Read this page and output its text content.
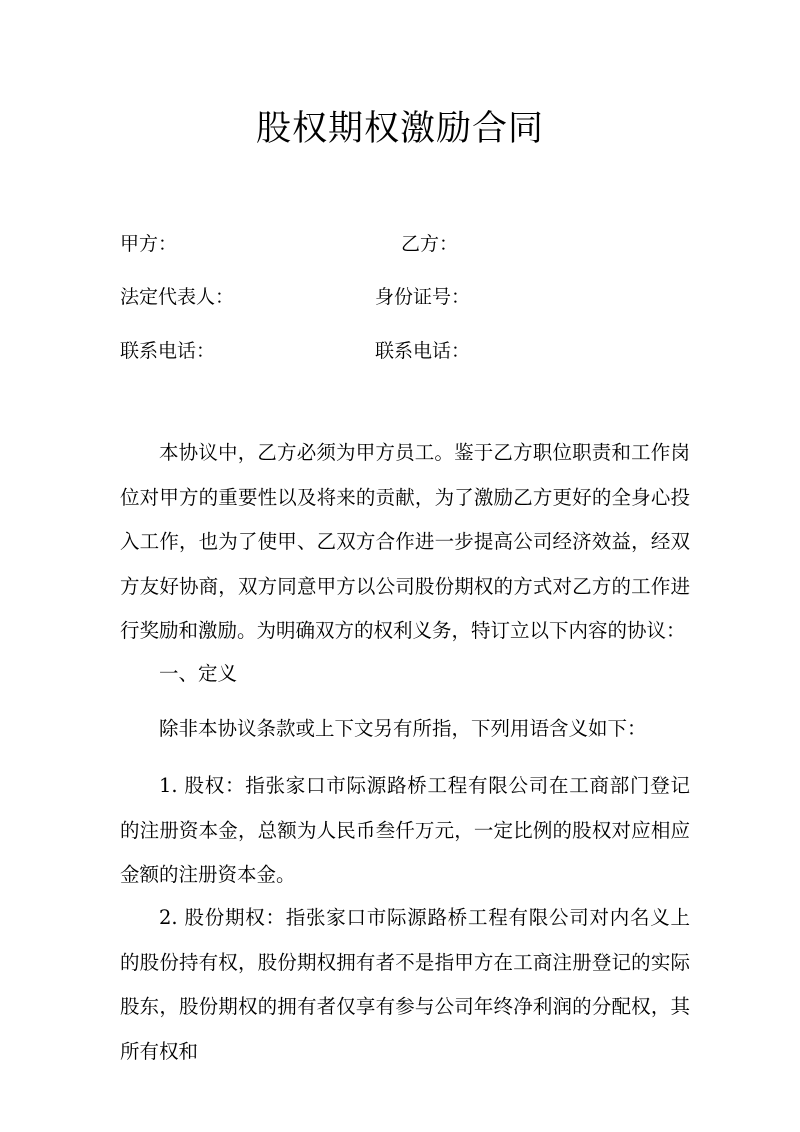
股权期权激励合同
甲方：	乙方：
法定代表人：	身份证号：
联系电话：	联系电话：

本协议中，乙方必须为甲方员工。鉴于乙方职位职责和工作岗位对甲方的重要性以及将来的贡献，为了激励乙方更好的全身心投入工作，也为了使甲、乙双方合作进一步提高公司经济效益，经双方友好协商，双方同意甲方以公司股份期权的方式对乙方的工作进行奖励和激励。为明确双方的权利义务，特订立以下内容的协议：

一、定义

除非本协议条款或上下文另有所指，下列用语含义如下：

1. 股权：指张家口市际源路桥工程有限公司在工商部门登记的注册资本金，总额为人民币叁仟万元，一定比例的股权对应相应金额的注册资本金。

2. 股份期权：指张家口市际源路桥工程有限公司对内名义上的股份持有权，股份期权拥有者不是指甲方在工商注册登记的实际股东，股份期权的拥有者仅享有参与公司年终净利润的分配权，其所有权和
